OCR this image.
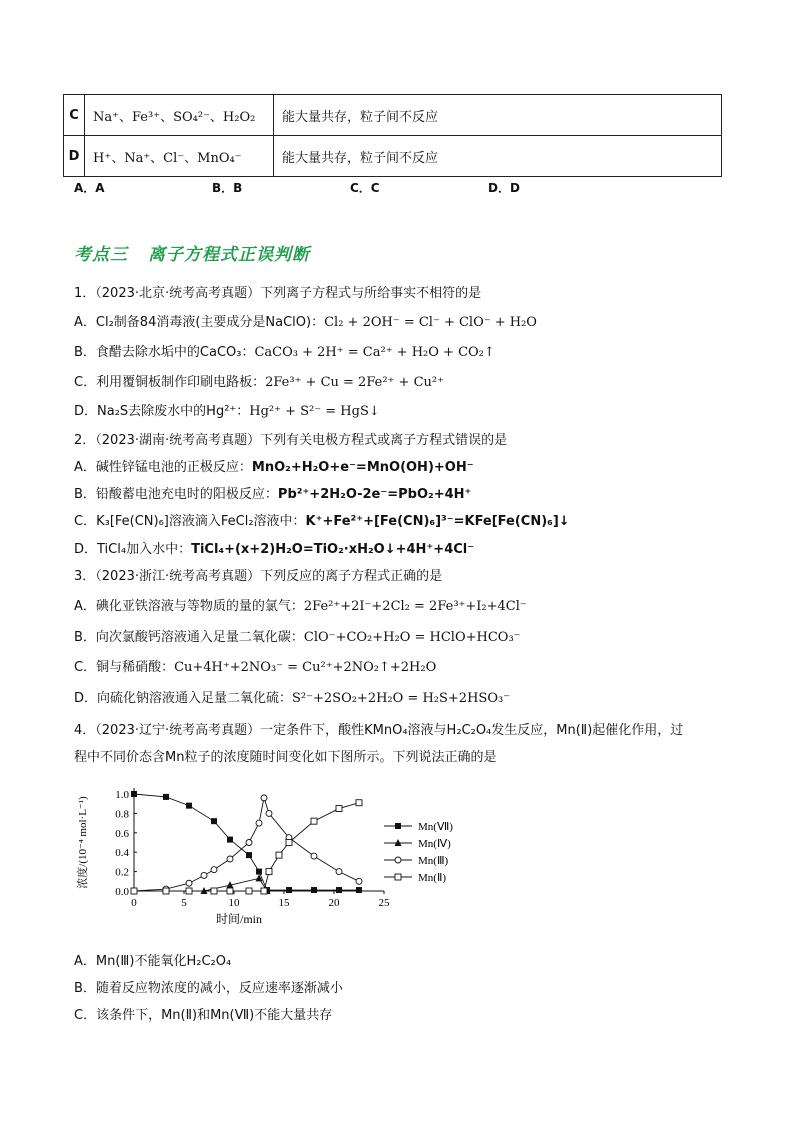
C	Na⁺、Fe³⁺、SO₄²⁻、H₂O₂	能大量共存，粒子间不反应
D	H⁺、Na⁺、Cl⁻、MnO₄⁻	能大量共存，粒子间不反应
A．A	B．B	C．C	D．D
考点三 离子方程式正误判断
1．（2023·北京·统考高考真题）下列离子方程式与所给事实不相符的是
A．Cl₂制备84消毒液(主要成分是NaClO)：Cl₂ + 2OH⁻ = Cl⁻ + ClO⁻ + H₂O
B．食醋去除水垢中的CaCO₃：CaCO₃ + 2H⁺ = Ca²⁺ + H₂O + CO₂↑
C．利用覆铜板制作印刷电路板：2Fe³⁺ + Cu = 2Fe²⁺ + Cu²⁺
D．Na₂S去除废水中的Hg²⁺：Hg²⁺ + S²⁻ = HgS↓
2．（2023·湖南·统考高考真题）下列有关电极方程式或离子方程式错误的是
A．碱性锌锰电池的正极反应：MnO₂+H₂O+e⁻=MnO(OH)+OH⁻
B．铅酸蓄电池充电时的阳极反应：Pb²⁺+2H₂O-2e⁻=PbO₂+4H⁺
C．K₃[Fe(CN)₆]溶液滴入FeCl₂溶液中：K⁺+Fe²⁺+[Fe(CN)₆]³⁻=KFe[Fe(CN)₆]↓
D．TiCl₄加入水中：TiCl₄+(x+2)H₂O=TiO₂·xH₂O↓+4H⁺+4Cl⁻
3．（2023·浙江·统考高考真题）下列反应的离子方程式正确的是
A．碘化亚铁溶液与等物质的量的氯气：2Fe²⁺+2I⁻+2Cl₂ = 2Fe³⁺+I₂+4Cl⁻
B．向次氯酸钙溶液通入足量二氧化碳：ClO⁻+CO₂+H₂O = HClO+HCO₃⁻
C．铜与稀硝酸：Cu+4H⁺+2NO₃⁻ = Cu²⁺+2NO₂↑+2H₂O
D．向硫化钠溶液通入足量二氧化硫：S²⁻+2SO₂+2H₂O = H₂S+2HSO₃⁻
4．（2023·辽宁·统考高考真题）一定条件下，酸性KMnO₄溶液与H₂C₂O₄发生反应，Mn(Ⅱ)起催化作用，过
程中不同价态含Mn粒子的浓度随时间变化如下图所示。下列说法正确的是
0	5	10	15	20	25
0.0
0.2
0.4
0.6
0.8
1.0
时间/min
浓度/(10⁻⁴ mol·L⁻¹)	Mn(Ⅶ)
Mn(Ⅳ)
Mn(Ⅲ)
Mn(Ⅱ)
A．Mn(Ⅲ)不能氧化H₂C₂O₄
B．随着反应物浓度的减小，反应速率逐渐减小
C．该条件下，Mn(Ⅱ)和Mn(Ⅶ)不能大量共存
